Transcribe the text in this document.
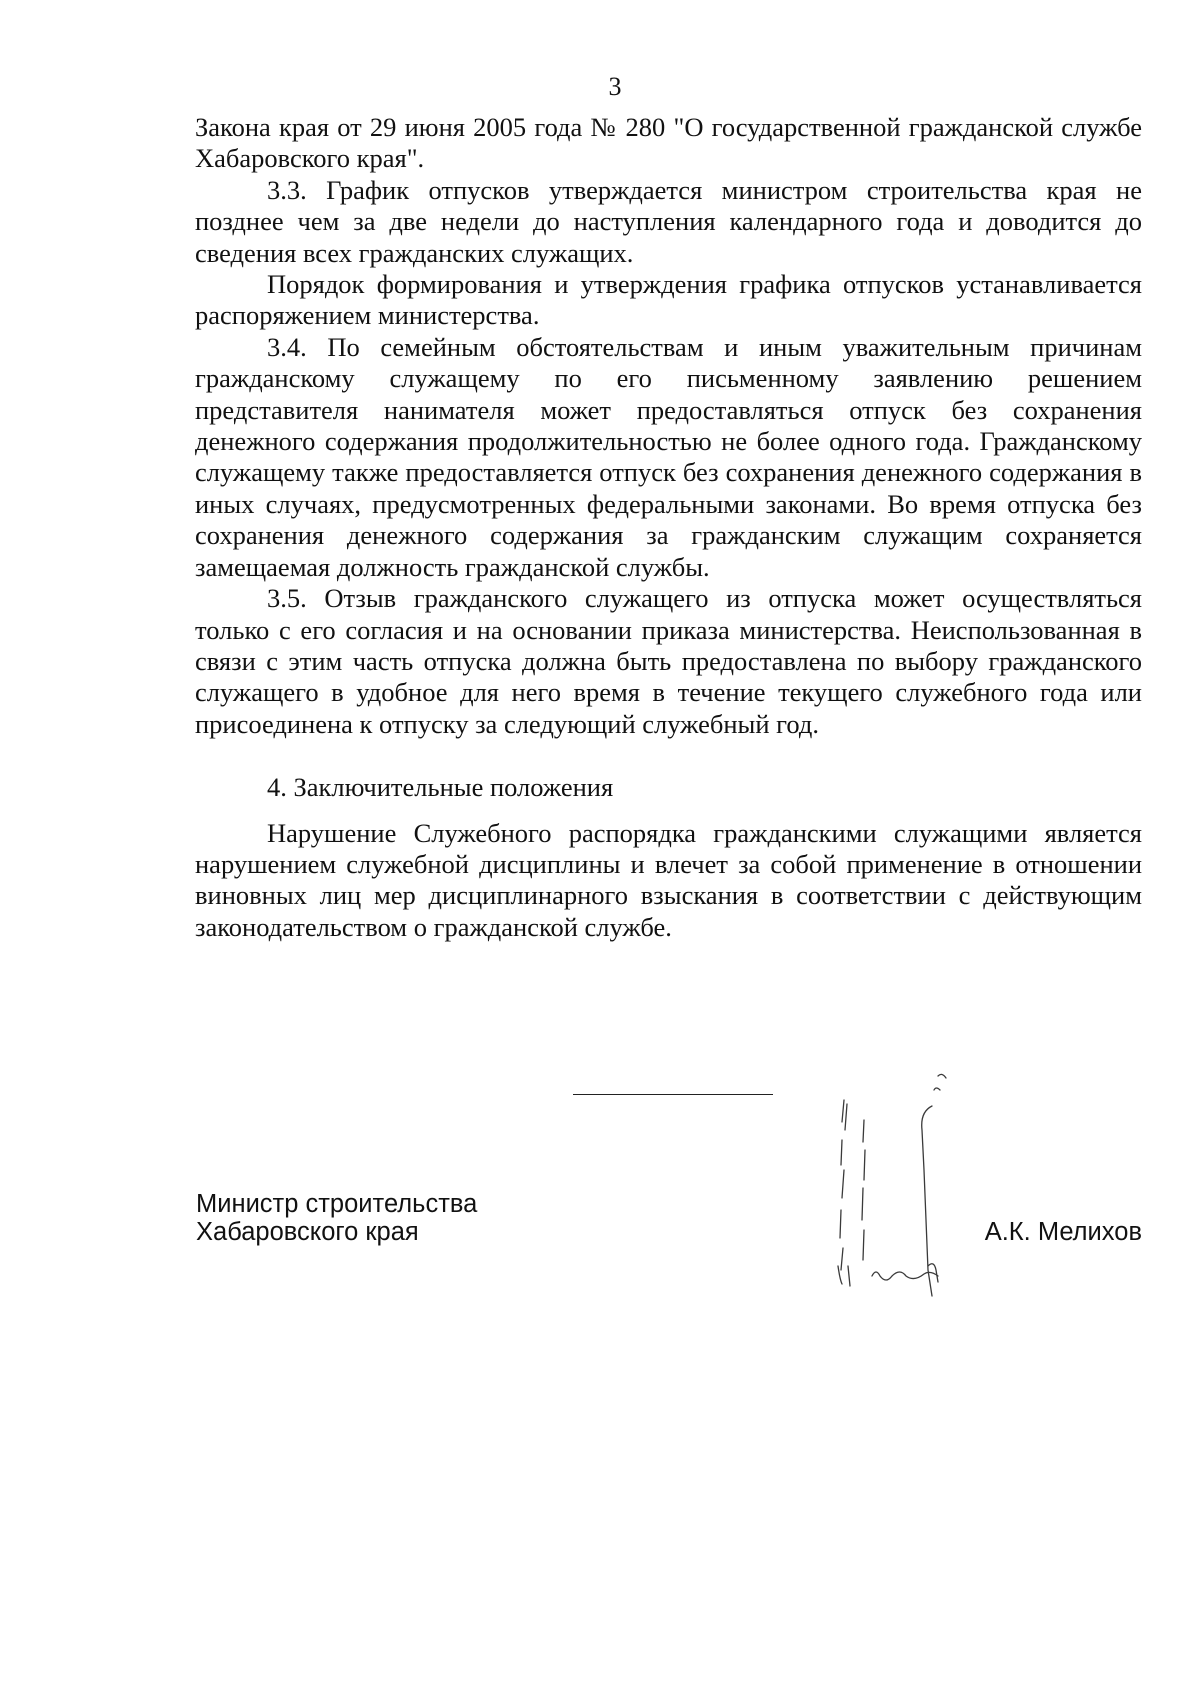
3

Закона края от 29 июня 2005 года № 280 "О государственной гражданской службе Хабаровского края".

3.3. График отпусков утверждается министром строительства края не позднее чем за две недели до наступления календарного года и доводится до сведения всех гражданских служащих.

Порядок формирования и утверждения графика отпусков устанавливается распоряжением министерства.

3.4. По семейным обстоятельствам и иным уважительным причинам гражданскому служащему по его письменному заявлению решением представителя нанимателя может предоставляться отпуск без сохранения денежного содержания продолжительностью не более одного года. Гражданскому служащему также предоставляется отпуск без сохранения денежного содержания в иных случаях, предусмотренных федеральными законами. Во время отпуска без сохранения денежного содержания за гражданским служащим сохраняется замещаемая должность гражданской службы.

3.5. Отзыв гражданского служащего из отпуска может осуществляться только с его согласия и на основании приказа министерства. Неиспользованная в связи с этим часть отпуска должна быть предоставлена по выбору гражданского служащего в удобное для него время в течение текущего служебного года или присоединена к отпуску за следующий служебный год.

4. Заключительные положения

Нарушение Служебного распорядка гражданскими служащими является нарушением служебной дисциплины и влечет за собой применение в отношении виновных лиц мер дисциплинарного взыскания в соответствии с действующим законодательством о гражданской службе.

Министр строительства
Хабаровского края	А.К. Мелихов
